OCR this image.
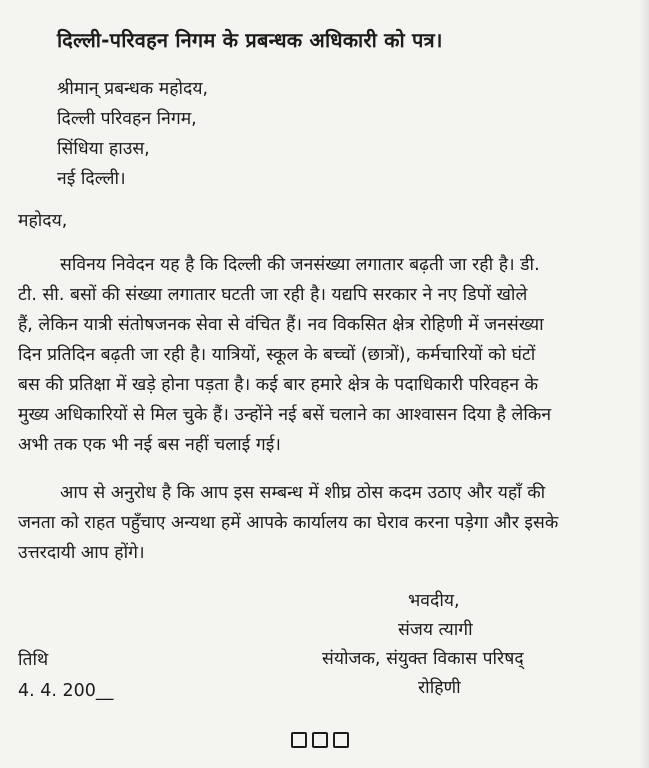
दिल्ली-परिवहन निगम के प्रबन्धक अधिकारी को पत्र।
श्रीमान् प्रबन्धक महोदय,
दिल्ली परिवहन निगम,
सिंधिया हाउस,
नई दिल्ली।
महोदय,
सविनय निवेदन यह है कि दिल्ली की जनसंख्या लगातार बढ़ती जा रही है। डी.
टी. सी. बसों की संख्या लगातार घटती जा रही है। यद्यपि सरकार ने नए डिपों खोले
हैं, लेकिन यात्री संतोषजनक सेवा से वंचित हैं। नव विकसित क्षेत्र रोहिणी में जनसंख्या
दिन प्रतिदिन बढ़ती जा रही है। यात्रियों, स्कूल के बच्चों (छात्रों), कर्मचारियों को घंटों
बस की प्रतिक्षा में खड़े होना पड़ता है। कई बार हमारे क्षेत्र के पदाधिकारी परिवहन के
मुख्य अधिकारियों से मिल चुके हैं। उन्होंने नई बसें चलाने का आश्वासन दिया है लेकिन
अभी तक एक भी नई बस नहीं चलाई गई।
आप से अनुरोध है कि आप इस सम्बन्ध में शीघ्र ठोस कदम उठाए और यहाँ की
जनता को राहत पहुँचाए अन्यथा हमें आपके कार्यालय का घेराव करना पड़ेगा और इसके
उत्तरदायी आप होंगे।
भवदीय,
संजय त्यागी
संयोजक, संयुक्त विकास परिषद्
रोहिणी
तिथि
4. 4. 200__
